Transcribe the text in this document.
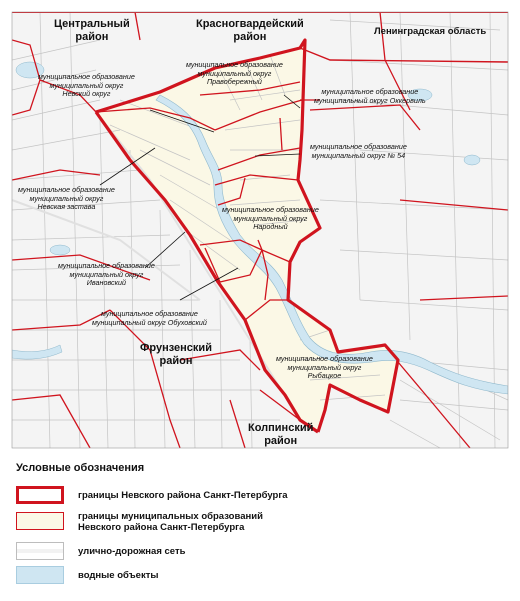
Ленинградская область
Центральный
район
Красногвардейский
район
Фрунзенский
район
Колпинский
район
муниципальное образование
муниципальный округ
Невский округ
муниципальное образование
муниципальный округ
Правобережный
муниципальное образование
муниципальный округ Оккервиль
муниципальное образование
муниципальный округ № 54
муниципальное образование
муниципальный округ
Невская застава	муниципальное образование
муниципальный округ
Народный
муниципальное образование
муниципальный округ
Ивановский
муниципальное образование
муниципальный округ Обуховский
муниципальное образование
муниципальный округ
Рыбацкое
Условные обозначения
границы Невского района Санкт-Петербурга
границы муниципальных образований
Невского района Санкт-Петербурга
улично-дорожная сеть
водные объекты
